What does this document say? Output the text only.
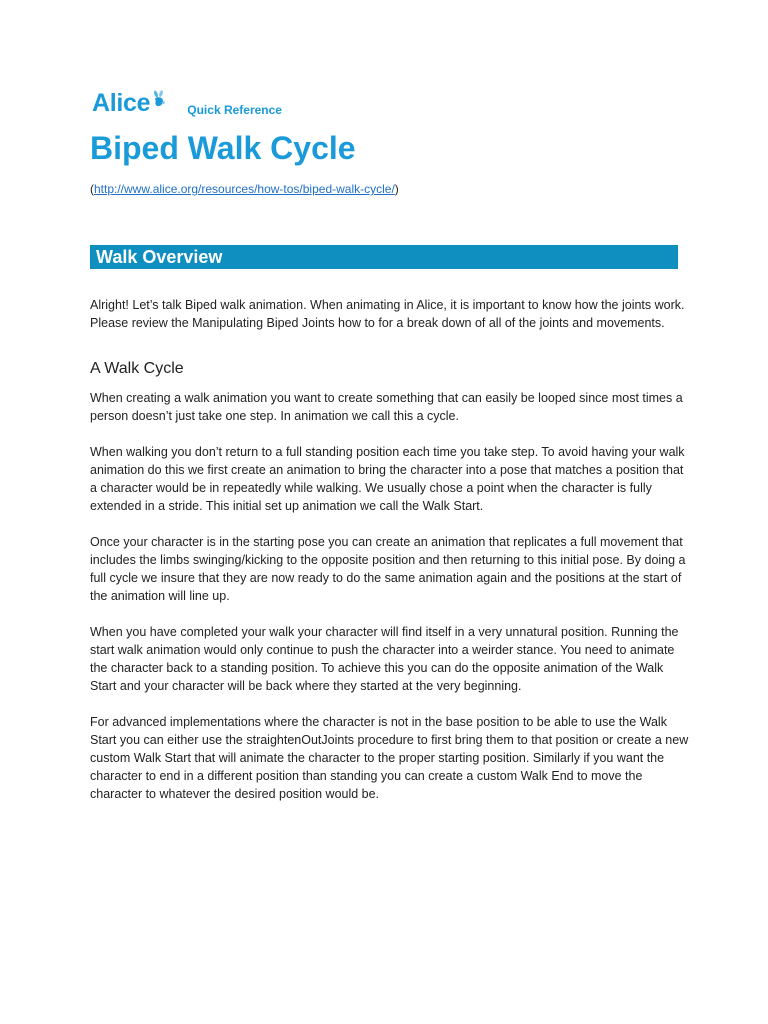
Alice	Quick Reference
Biped Walk Cycle
(http://www.alice.org/resources/how-tos/biped-walk-cycle/)
Walk Overview

Alright! Let’s talk Biped walk animation. When animating in Alice, it is important to know how the joints work. Please review the Manipulating Biped Joints how to for a break down of all of the joints and movements.

A Walk Cycle

When creating a walk animation you want to create something that can easily be looped since most times a person doesn’t just take one step. In animation we call this a cycle.

When walking you don’t return to a full standing position each time you take step. To avoid having your walk animation do this we first create an animation to bring the character into a pose that matches a position that a character would be in repeatedly while walking. We usually chose a point when the character is fully extended in a stride. This initial set up animation we call the Walk Start.

Once your character is in the starting pose you can create an animation that replicates a full movement that includes the limbs swinging/kicking to the opposite position and then returning to this initial pose. By doing a full cycle we insure that they are now ready to do the same animation again and the positions at the start of the animation will line up.

When you have completed your walk your character will find itself in a very unnatural position. Running the start walk animation would only continue to push the character into a weirder stance. You need to animate the character back to a standing position. To achieve this you can do the opposite animation of the Walk Start and your character will be back where they started at the very beginning.

For advanced implementations where the character is not in the base position to be able to use the Walk Start you can either use the straightenOutJoints procedure to first bring them to that position or create a new custom Walk Start that will animate the character to the proper starting position. Similarly if you want the character to end in a different position than standing you can create a custom Walk End to move the character to whatever the desired position would be.
